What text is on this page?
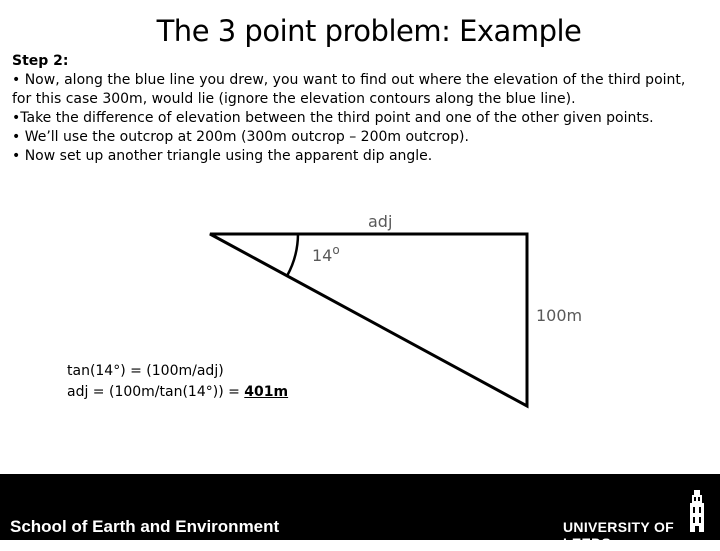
The 3 point problem: Example
Step 2:

• Now, along the blue line you drew, you want to find out where the elevation of the third point, for this case 300m, would lie (ignore the elevation contours along the blue line).

•Take the difference of elevation between the third point and one of the other given points.

• We’ll use the outcrop at 200m (300m outcrop – 200m outcrop).

• Now set up another triangle using the apparent dip angle.

adj
14$^o$
100m
tan(14°) = (100m/adj)
adj = (100m/tan(14°)) = 401m
School of Earth and Environment	UNIVERSITY OF LEEDS
